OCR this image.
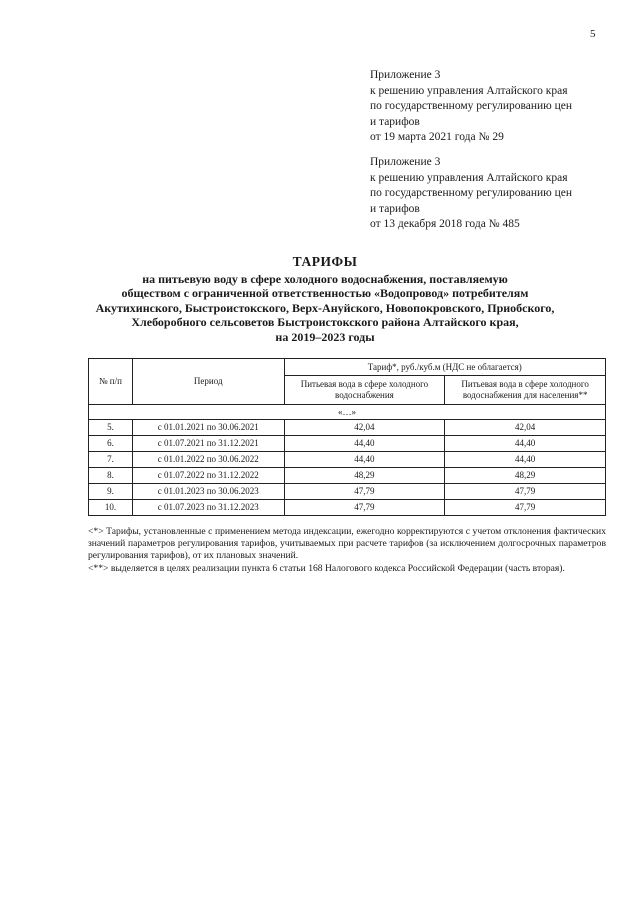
5
Приложение 3
к решению управления Алтайского края
по государственному регулированию цен
и тарифов
от 19 марта 2021 года № 29
Приложение 3
к решению управления Алтайского края
по государственному регулированию цен
и тарифов
от 13 декабря 2018 года № 485
ТАРИФЫ
на питьевую воду в сфере холодного водоснабжения, поставляемую
обществом с ограниченной ответственностью «Водопровод» потребителям
Акутихинского, Быстроистокского, Верх-Ануйского, Новопокровского, Приобского,
Хлеборобного сельсоветов Быстроистокского района Алтайского края,
на 2019–2023 годы
№ п/п	Период	Тариф*, руб./куб.м (НДС не облагается)	
		Питьевая вода в сфере холодного водоснабжения	Питьевая вода в сфере холодного водоснабжения для населения**
«…»			
5.	с 01.01.2021 по 30.06.2021	42,04	42,04
6.	с 01.07.2021 по 31.12.2021	44,40	44,40
7.	с 01.01.2022 по 30.06.2022	44,40	44,40
8.	с 01.07.2022 по 31.12.2022	48,29	48,29
9.	с 01.01.2023 по 30.06.2023	47,79	47,79
10.	с 01.07.2023 по 31.12.2023	47,79	47,79

<*> Тарифы, установленные с применением метода индексации, ежегодно корректируются с учетом отклонения фактических значений параметров регулирования тарифов, учитываемых при расчете тарифов (за исключением долгосрочных параметров регулирования тарифов), от их плановых значений.

<**> выделяется в целях реализации пункта 6 статьи 168 Налогового кодекса Российской Федерации (часть вторая).
